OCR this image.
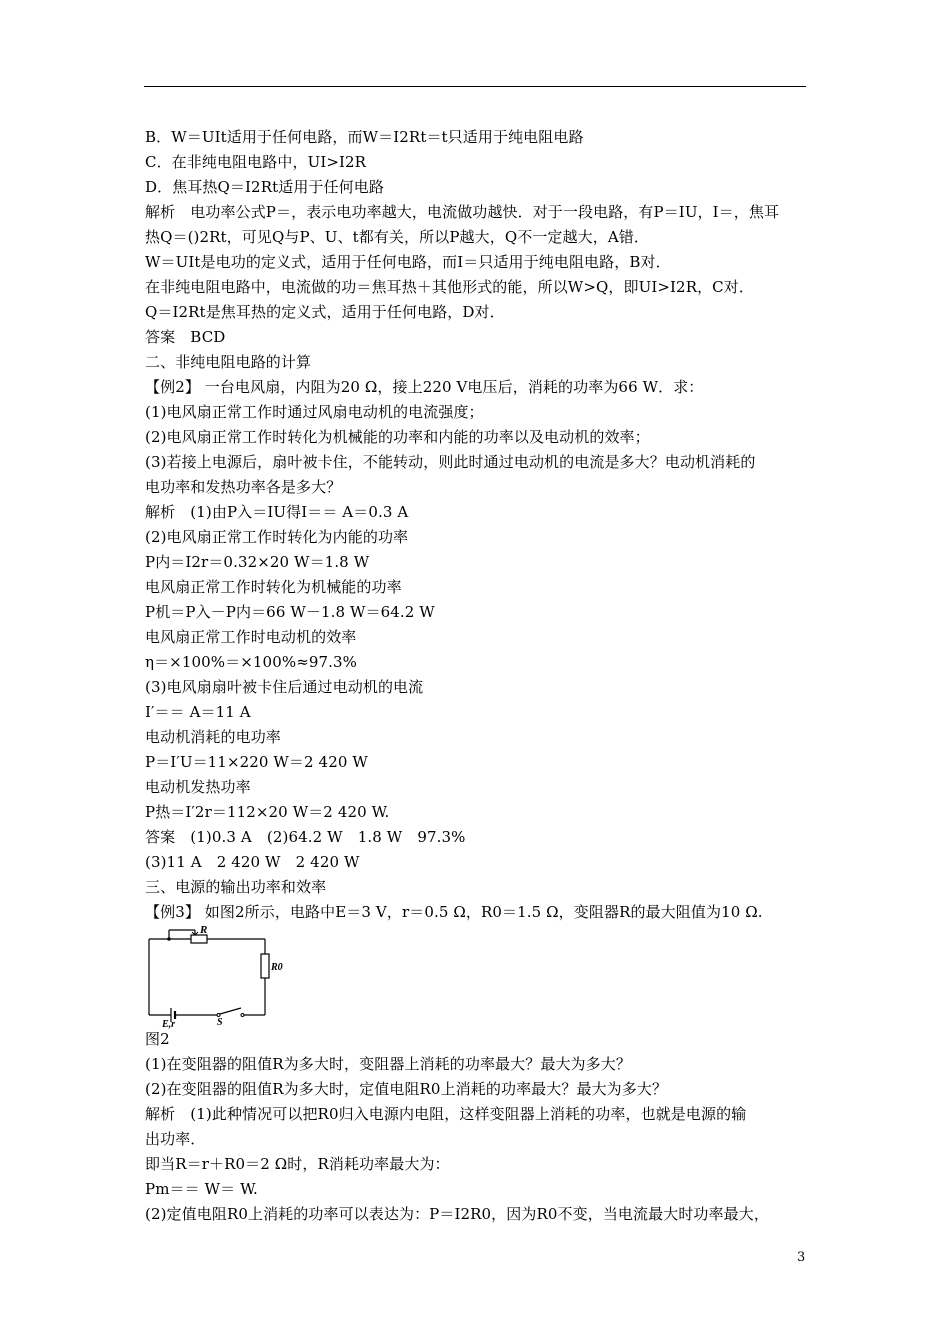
B．W＝UIt适用于任何电路，而W＝I2Rt＝t只适用于纯电阻电路
C．在非纯电阻电路中，UI>I2R
D．焦耳热Q＝I2Rt适用于任何电路
解析　电功率公式P＝，表示电功率越大，电流做功越快．对于一段电路，有P＝IU，I＝，焦耳
热Q＝()2Rt，可见Q与P、U、t都有关，所以P越大，Q不一定越大，A错．
W＝UIt是电功的定义式，适用于任何电路，而I＝只适用于纯电阻电路，B对．
在非纯电阻电路中，电流做的功＝焦耳热＋其他形式的能，所以W>Q，即UI>I2R，C对．
Q＝I2Rt是焦耳热的定义式，适用于任何电路，D对．
答案　BCD
二、非纯电阻电路的计算
【例2】 一台电风扇，内阻为20 Ω，接上220 V电压后，消耗的功率为66 W．求：
(1)电风扇正常工作时通过风扇电动机的电流强度；
(2)电风扇正常工作时转化为机械能的功率和内能的功率以及电动机的效率；
(3)若接上电源后，扇叶被卡住，不能转动，则此时通过电动机的电流是多大？电动机消耗的
电功率和发热功率各是多大？
解析　(1)由P入＝IU得I＝＝ A＝0.3 A
(2)电风扇正常工作时转化为内能的功率
P内＝I2r＝0.32×20 W＝1.8 W
电风扇正常工作时转化为机械能的功率
P机＝P入－P内＝66 W－1.8 W＝64.2 W
电风扇正常工作时电动机的效率
η＝×100%＝×100%≈97.3%
(3)电风扇扇叶被卡住后通过电动机的电流
I′＝＝ A＝11 A
电动机消耗的电功率
P＝I′U＝11×220 W＝2 420 W
电动机发热功率
P热＝I′2r＝112×20 W＝2 420 W.
答案　(1)0.3 A　(2)64.2 W　1.8 W　97.3%
(3)11 A　2 420 W　2 420 W
三、电源的输出功率和效率
【例3】 如图2所示，电路中E＝3 V，r＝0.5 Ω，R0＝1.5 Ω，变阻器R的最大阻值为10 Ω.
R
R0
E,r	S
图2
(1)在变阻器的阻值R为多大时，变阻器上消耗的功率最大？最大为多大？
(2)在变阻器的阻值R为多大时，定值电阻R0上消耗的功率最大？最大为多大？
解析　(1)此种情况可以把R0归入电源内电阻，这样变阻器上消耗的功率，也就是电源的输
出功率．
即当R＝r＋R0＝2 Ω时，R消耗功率最大为：
Pm＝＝ W＝ W.
(2)定值电阻R0上消耗的功率可以表达为：P＝I2R0，因为R0不变，当电流最大时功率最大，
3
